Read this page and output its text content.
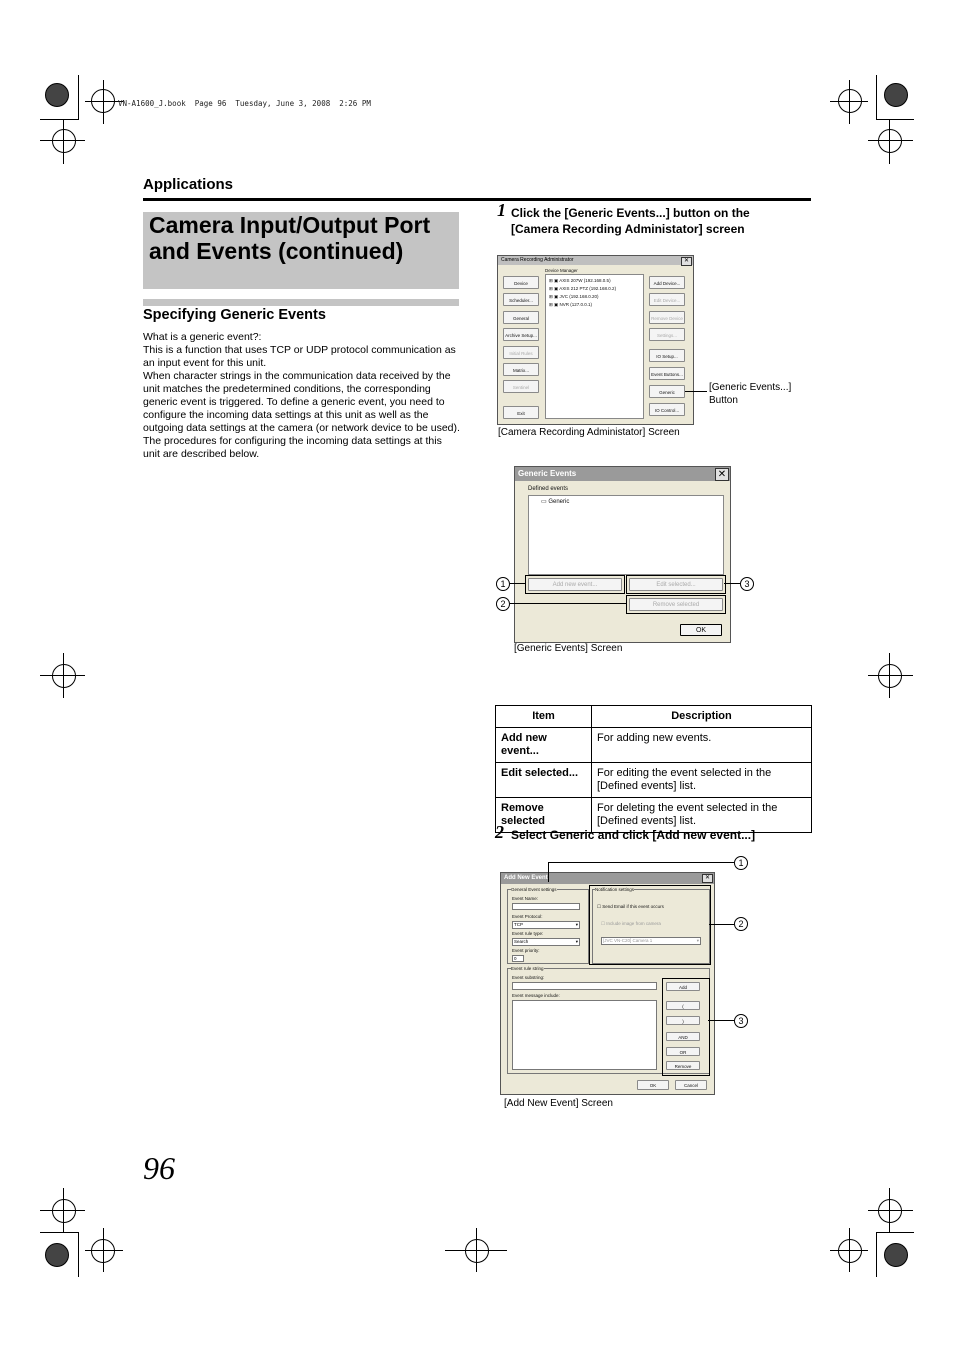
VN-A1600_J.book  Page 96  Tuesday, June 3, 2008  2:26 PM
Applications
Camera Input/Output Port and Events (continued)
Specifying Generic Events

What is a generic event?:

This is a function that uses TCP or UDP protocol communication as an input event for this unit.

When character strings in the communication data received by the unit matches the predetermined conditions, the corresponding generic event is triggered. To define a generic event, you need to configure the incoming data settings at this unit as well as the outgoing data settings at the camera (or network device to be used).

The procedures for configuring the incoming data settings at this unit are described below.

1 Click the [Generic Events...] button on the [Camera Recording Administator] screen
Camera Recording Administrator	✕
Device
Scheduler...
General
Archive Setup...
Initial Rules
Matrix...
Sentinel
Exit
Device Manager
⊞ ▣ AXIS 207W (192.168.0.5)
⊞ ▣ AXIS 212 PTZ (192.168.0.2)
⊞ ▣ JVC (192.168.0.20)
⊞ ▣ NVR (127.0.0.1)
Add Device...
Edit Device...
Remove Device
Settings...
IO Setup...
Event Buttons...
Generic
IO Control...
[Generic Events...] Button
[Camera Recording Administator] Screen
Generic Events	✕
Defined events
▭ Generic
Add new event...	Edit selected...
Remove selected
OK
1
2
3
[Generic Events] Screen
Item	Description
Add new event...	For adding new events.
Edit selected...	For editing the event selected in the [Defined events] list.
Remove selected	For deleting the event selected in the [Defined events] list.
2 Select Generic and click [Add new event...]
Add New Event	✕
General Event settings
Event Name:
Event Protocol:
TCP	▾
Event rule type:
Search	▾
Event priority:
0
Notification settings
☐ Send Email if this event occurs
☐ Include image from camera
[JVC VN-C20] Camera 1	▾
Event rule string
Event substring:
Event message include:
Add
(
)
AND
OR
Remove
OK	Cancel
1
2
3
[Add New Event] Screen
96
